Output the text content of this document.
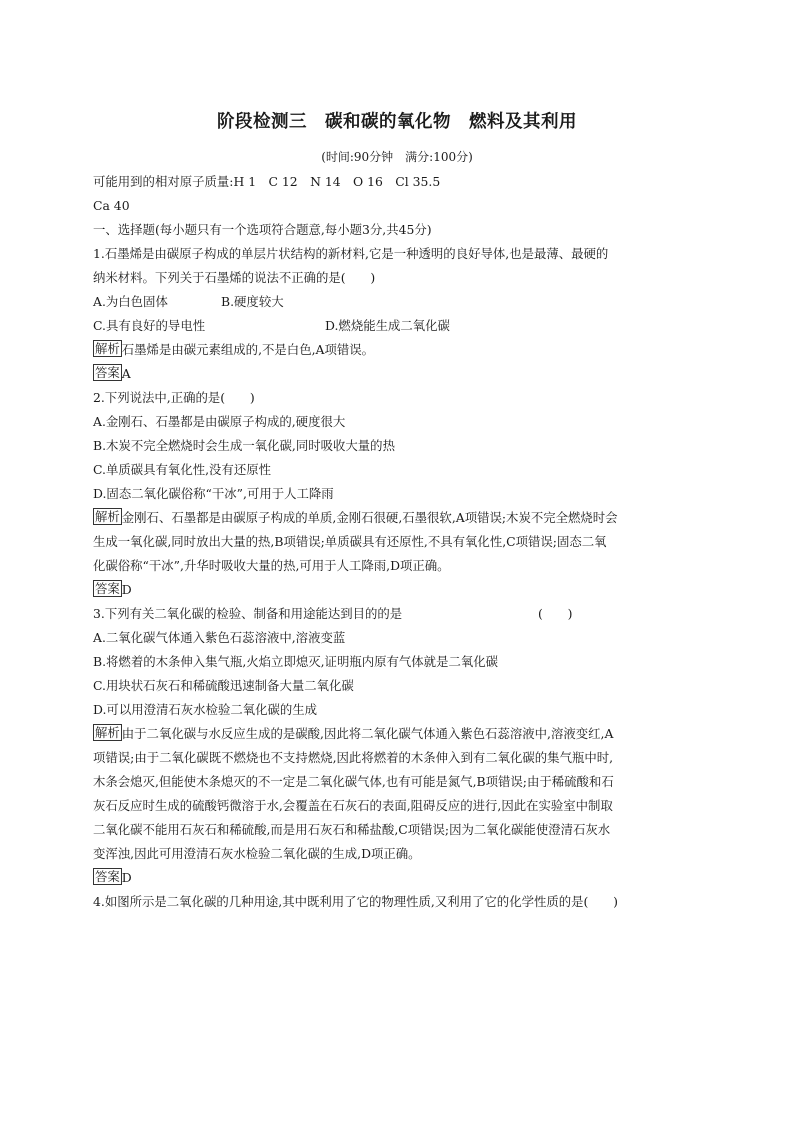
阶段检测三　碳和碳的氧化物　燃料及其利用
(时间:90分钟　满分:100分)
可能用到的相对原子质量:H 1　C 12　N 14　O 16　Cl 35.5
Ca 40
一、选择题(每小题只有一个选项符合题意,每小题3分,共45分)
1.石墨烯是由碳原子构成的单层片状结构的新材料,它是一种透明的良好导体,也是最薄、最硬的
纳米材料。下列关于石墨烯的说法不正确的是(　　)
A.为白色固体	B.硬度较大
C.具有良好的导电性	D.燃烧能生成二氧化碳
解析 石墨烯是由碳元素组成的,不是白色,A项错误。
答案 A
2.下列说法中,正确的是(　　)
A.金刚石、石墨都是由碳原子构成的,硬度很大
B.木炭不完全燃烧时会生成一氧化碳,同时吸收大量的热
C.单质碳具有氧化性,没有还原性
D.固态二氧化碳俗称“干冰”,可用于人工降雨
解析 金刚石、石墨都是由碳原子构成的单质,金刚石很硬,石墨很软,A项错误;木炭不完全燃烧时会
生成一氧化碳,同时放出大量的热,B项错误;单质碳具有还原性,不具有氧化性,C项错误;固态二氧
化碳俗称“干冰”,升华时吸收大量的热,可用于人工降雨,D项正确。
答案 D
3.下列有关二氧化碳的检验、制备和用途能达到目的的是	(　　)
A.二氧化碳气体通入紫色石蕊溶液中,溶液变蓝
B.将燃着的木条伸入集气瓶,火焰立即熄灭,证明瓶内原有气体就是二氧化碳
C.用块状石灰石和稀硫酸迅速制备大量二氧化碳
D.可以用澄清石灰水检验二氧化碳的生成
解析 由于二氧化碳与水反应生成的是碳酸,因此将二氧化碳气体通入紫色石蕊溶液中,溶液变红,A
项错误;由于二氧化碳既不燃烧也不支持燃烧,因此将燃着的木条伸入到有二氧化碳的集气瓶中时,
木条会熄灭,但能使木条熄灭的不一定是二氧化碳气体,也有可能是氮气,B项错误;由于稀硫酸和石
灰石反应时生成的硫酸钙微溶于水,会覆盖在石灰石的表面,阻碍反应的进行,因此在实验室中制取
二氧化碳不能用石灰石和稀硫酸,而是用石灰石和稀盐酸,C项错误;因为二氧化碳能使澄清石灰水
变浑浊,因此可用澄清石灰水检验二氧化碳的生成,D项正确。
答案 D
4.如图所示是二氧化碳的几种用途,其中既利用了它的物理性质,又利用了它的化学性质的是(　　)
